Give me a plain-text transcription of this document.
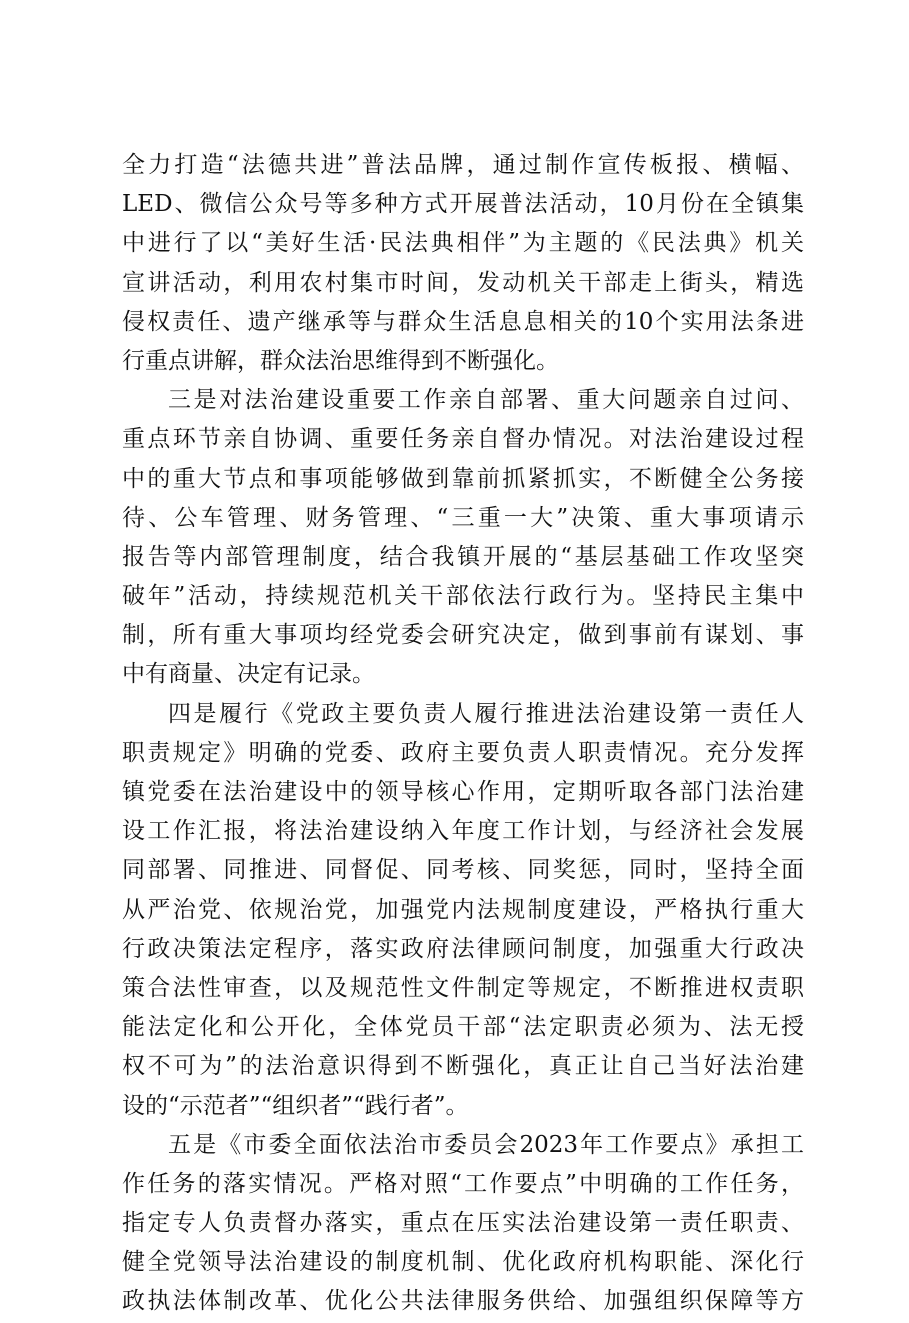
全力打造“法德共进”普法品牌，通过制作宣传板报、横幅、
LED、微信公众号等多种方式开展普法活动，10月份在全镇集
中进行了以“美好生活·民法典相伴”为主题的《民法典》机关
宣讲活动，利用农村集市时间，发动机关干部走上街头，精选
侵权责任、遗产继承等与群众生活息息相关的10个实用法条进
行重点讲解，群众法治思维得到不断强化。
三是对法治建设重要工作亲自部署、重大问题亲自过问、
重点环节亲自协调、重要任务亲自督办情况。对法治建设过程
中的重大节点和事项能够做到靠前抓紧抓实，不断健全公务接
待、公车管理、财务管理、“三重一大”决策、重大事项请示
报告等内部管理制度，结合我镇开展的“基层基础工作攻坚突
破年”活动，持续规范机关干部依法行政行为。坚持民主集中
制，所有重大事项均经党委会研究决定，做到事前有谋划、事
中有商量、决定有记录。
四是履行《党政主要负责人履行推进法治建设第一责任人
职责规定》明确的党委、政府主要负责人职责情况。充分发挥
镇党委在法治建设中的领导核心作用，定期听取各部门法治建
设工作汇报，将法治建设纳入年度工作计划，与经济社会发展
同部署、同推进、同督促、同考核、同奖惩，同时，坚持全面
从严治党、依规治党，加强党内法规制度建设，严格执行重大
行政决策法定程序，落实政府法律顾问制度，加强重大行政决
策合法性审查，以及规范性文件制定等规定，不断推进权责职
能法定化和公开化，全体党员干部“法定职责必须为、法无授
权不可为”的法治意识得到不断强化，真正让自己当好法治建
设的“示范者”“组织者”“践行者”。
五是《市委全面依法治市委员会2023年工作要点》承担工
作任务的落实情况。严格对照“工作要点”中明确的工作任务，
指定专人负责督办落实，重点在压实法治建设第一责任职责、
健全党领导法治建设的制度机制、优化政府机构职能、深化行
政执法体制改革、优化公共法律服务供给、加强组织保障等方
